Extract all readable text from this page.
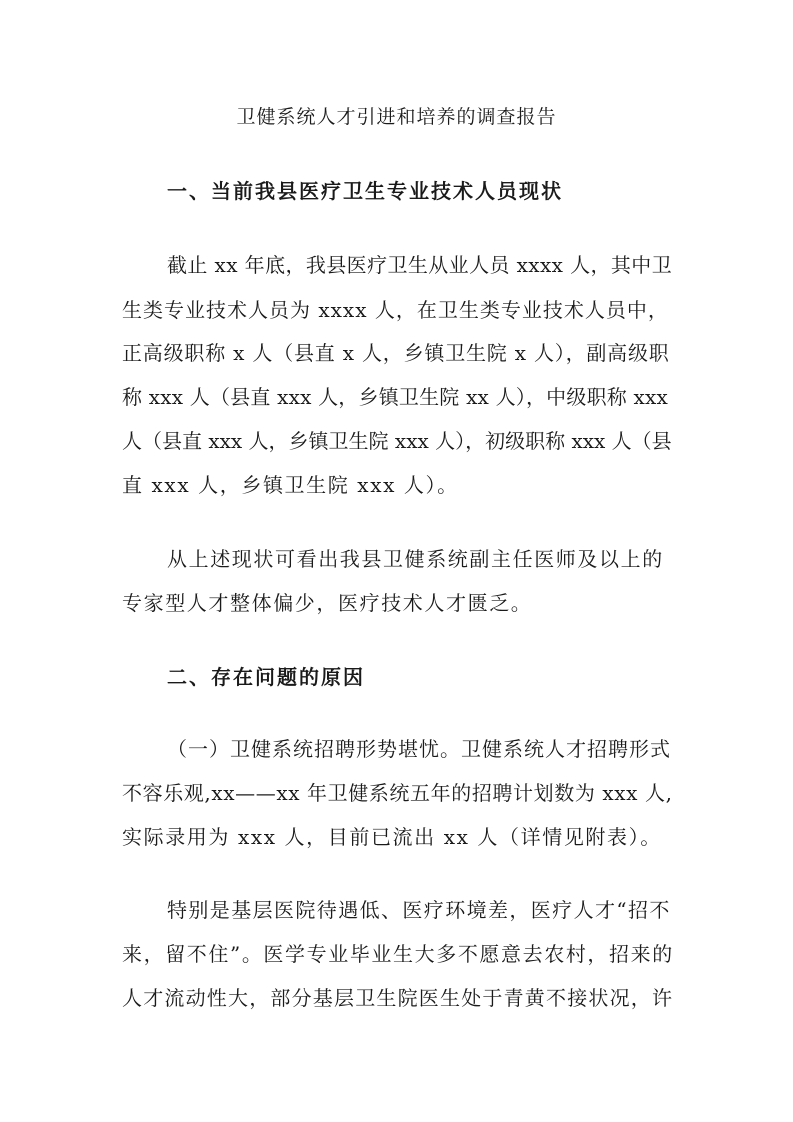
卫健系统人才引进和培养的调查报告
一、当前我县医疗卫生专业技术人员现状
截止 xx 年底，我县医疗卫生从业人员 xxxx 人，其中卫
生类专业技术人员为 xxxx 人，在卫生类专业技术人员中，
正高级职称 x 人（县直 x 人，乡镇卫生院 x 人），副高级职
称 xxx 人（县直 xxx 人，乡镇卫生院 xx 人），中级职称 xxx
人（县直 xxx 人，乡镇卫生院 xxx 人），初级职称 xxx 人（县
直 xxx 人，乡镇卫生院 xxx 人）。
从上述现状可看出我县卫健系统副主任医师及以上的
专家型人才整体偏少，医疗技术人才匮乏。
二、存在问题的原因
（一）卫健系统招聘形势堪忧。卫健系统人才招聘形式
不容乐观,xx——xx 年卫健系统五年的招聘计划数为 xxx 人,
实际录用为 xxx 人，目前已流出 xx 人（详情见附表）。
特别是基层医院待遇低、医疗环境差，医疗人才“招不
来，留不住”。医学专业毕业生大多不愿意去农村，招来的
人才流动性大，部分基层卫生院医生处于青黄不接状况，许
